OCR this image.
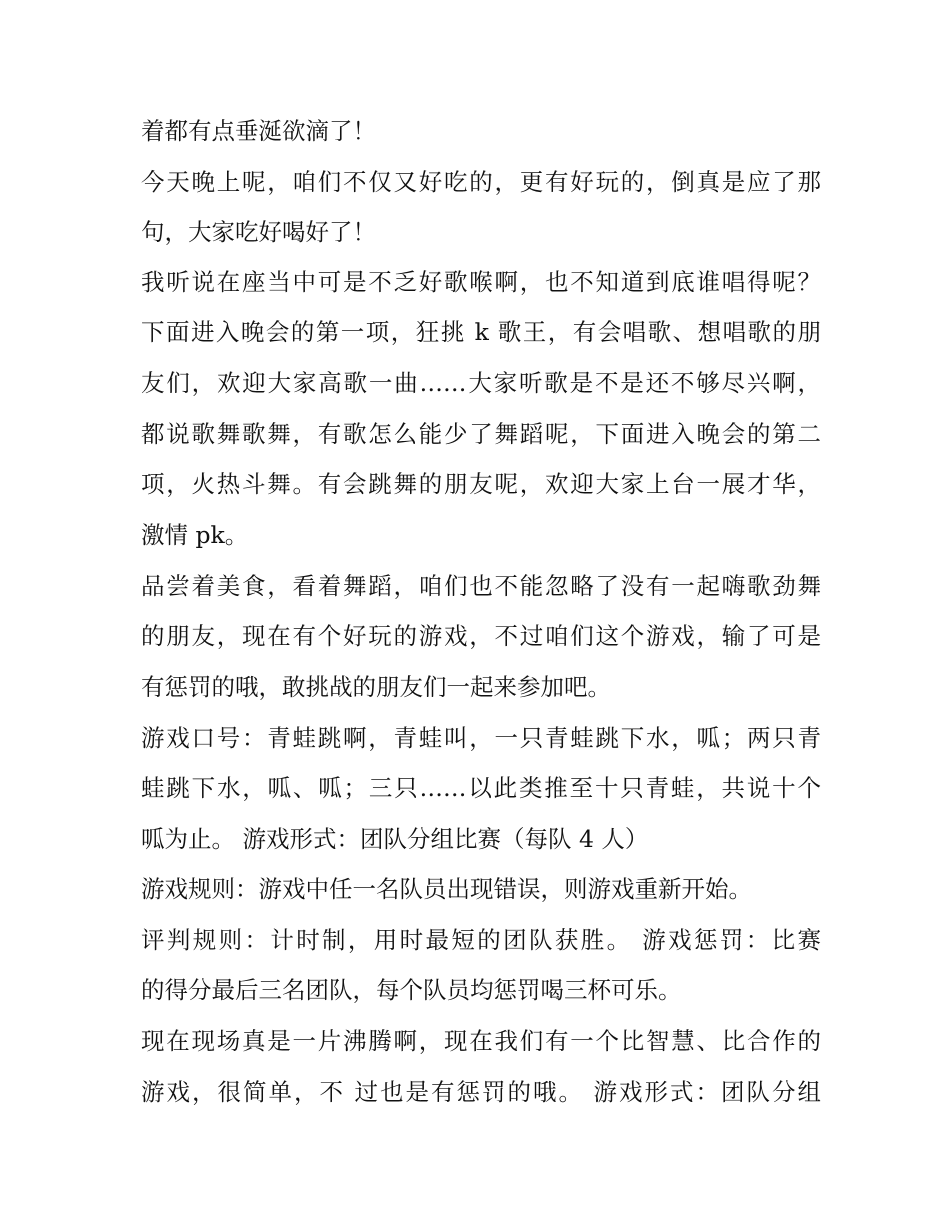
着都有点垂涎欲滴了！
今天晚上呢，咱们不仅又好吃的，更有好玩的，倒真是应了那
句，大家吃好喝好了！
我听说在座当中可是不乏好歌喉啊，也不知道到底谁唱得呢？
下面进入晚会的第一项，狂挑 k 歌王，有会唱歌、想唱歌的朋
友们，欢迎大家高歌一曲……大家听歌是不是还不够尽兴啊，
都说歌舞歌舞，有歌怎么能少了舞蹈呢，下面进入晚会的第二
项，火热斗舞。有会跳舞的朋友呢，欢迎大家上台一展才华，
激情 pk。
品尝着美食，看着舞蹈，咱们也不能忽略了没有一起嗨歌劲舞
的朋友，现在有个好玩的游戏，不过咱们这个游戏，输了可是
有惩罚的哦，敢挑战的朋友们一起来参加吧。
游戏口号：青蛙跳啊，青蛙叫，一只青蛙跳下水，呱；两只青
蛙跳下水，呱、呱；三只……以此类推至十只青蛙，共说十个
呱为止。 游戏形式：团队分组比赛（每队 4 人）
游戏规则：游戏中任一名队员出现错误，则游戏重新开始。
评判规则：计时制，用时最短的团队获胜。 游戏惩罚：比赛
的得分最后三名团队，每个队员均惩罚喝三杯可乐。
现在现场真是一片沸腾啊，现在我们有一个比智慧、比合作的
游戏，很简单，不 过也是有惩罚的哦。 游戏形式：团队分组
